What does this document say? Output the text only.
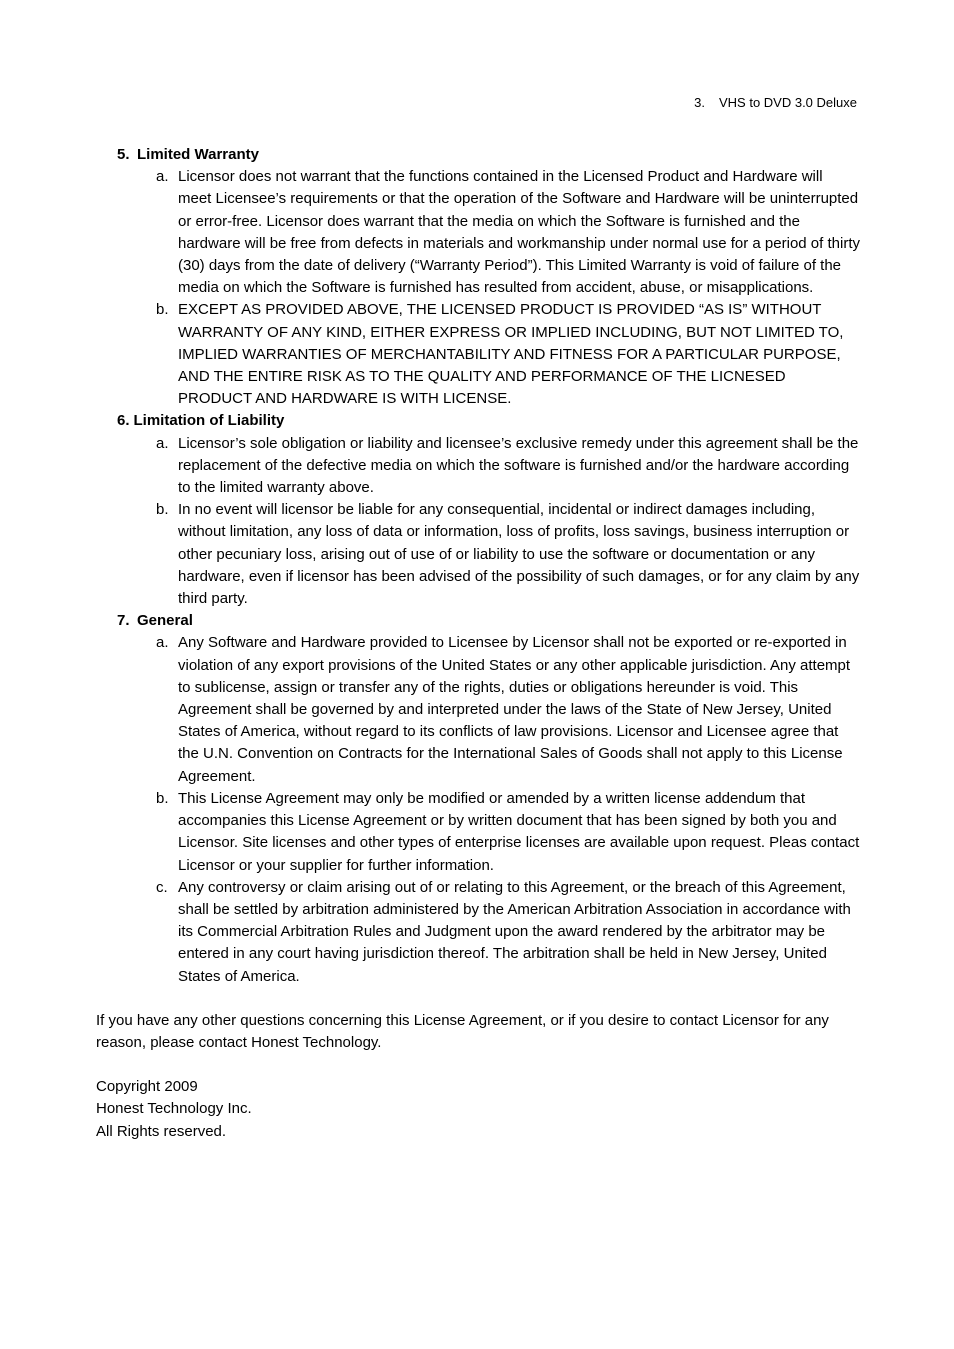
3. VHS to DVD 3.0 Deluxe
5. Limited Warranty
a. Licensor does not warrant that the functions contained in the Licensed Product and Hardware will meet Licensee’s requirements or that the operation of the Software and Hardware will be uninterrupted or error-free. Licensor does warrant that the media on which the Software is furnished and the hardware will be free from defects in materials and workmanship under normal use for a period of thirty (30) days from the date of delivery (“Warranty Period”). This Limited Warranty is void of failure of the media on which the Software is furnished has resulted from accident, abuse, or misapplications.
b. EXCEPT AS PROVIDED ABOVE, THE LICENSED PRODUCT IS PROVIDED “AS IS” WITHOUT WARRANTY OF ANY KIND, EITHER EXPRESS OR IMPLIED INCLUDING, BUT NOT LIMITED TO, IMPLIED WARRANTIES OF MERCHANTABILITY AND FITNESS FOR A PARTICULAR PURPOSE, AND THE ENTIRE RISK AS TO THE QUALITY AND PERFORMANCE OF THE LICNESED PRODUCT AND HARDWARE IS WITH LICENSE.
6. Limitation of Liability
a. Licensor’s sole obligation or liability and licensee’s exclusive remedy under this agreement shall be the replacement of the defective media on which the software is furnished and/or the hardware according to the limited warranty above.
b. In no event will licensor be liable for any consequential, incidental or indirect damages including, without limitation, any loss of data or information, loss of profits, loss savings, business interruption or other pecuniary loss, arising out of use of or liability to use the software or documentation or any hardware, even if licensor has been advised of the possibility of such damages, or for any claim by any third party.
7. General
a. Any Software and Hardware provided to Licensee by Licensor shall not be exported or re-exported in violation of any export provisions of the United States or any other applicable jurisdiction. Any attempt to sublicense, assign or transfer any of the rights, duties or obligations hereunder is void. This Agreement shall be governed by and interpreted under the laws of the State of New Jersey, United States of America, without regard to its conflicts of law provisions. Licensor and Licensee agree that the U.N. Convention on Contracts for the International Sales of Goods shall not apply to this License Agreement.
b. This License Agreement may only be modified or amended by a written license addendum that accompanies this License Agreement or by written document that has been signed by both you and Licensor. Site licenses and other types of enterprise licenses are available upon request. Pleas contact Licensor or your supplier for further information.
c. Any controversy or claim arising out of or relating to this Agreement, or the breach of this Agreement, shall be settled by arbitration administered by the American Arbitration Association in accordance with its Commercial Arbitration Rules and Judgment upon the award rendered by the arbitrator may be entered in any court having jurisdiction thereof. The arbitration shall be held in New Jersey, United States of America.
If you have any other questions concerning this License Agreement, or if you desire to contact Licensor for any reason, please contact Honest Technology.
Copyright 2009
Honest Technology Inc.
All Rights reserved.
